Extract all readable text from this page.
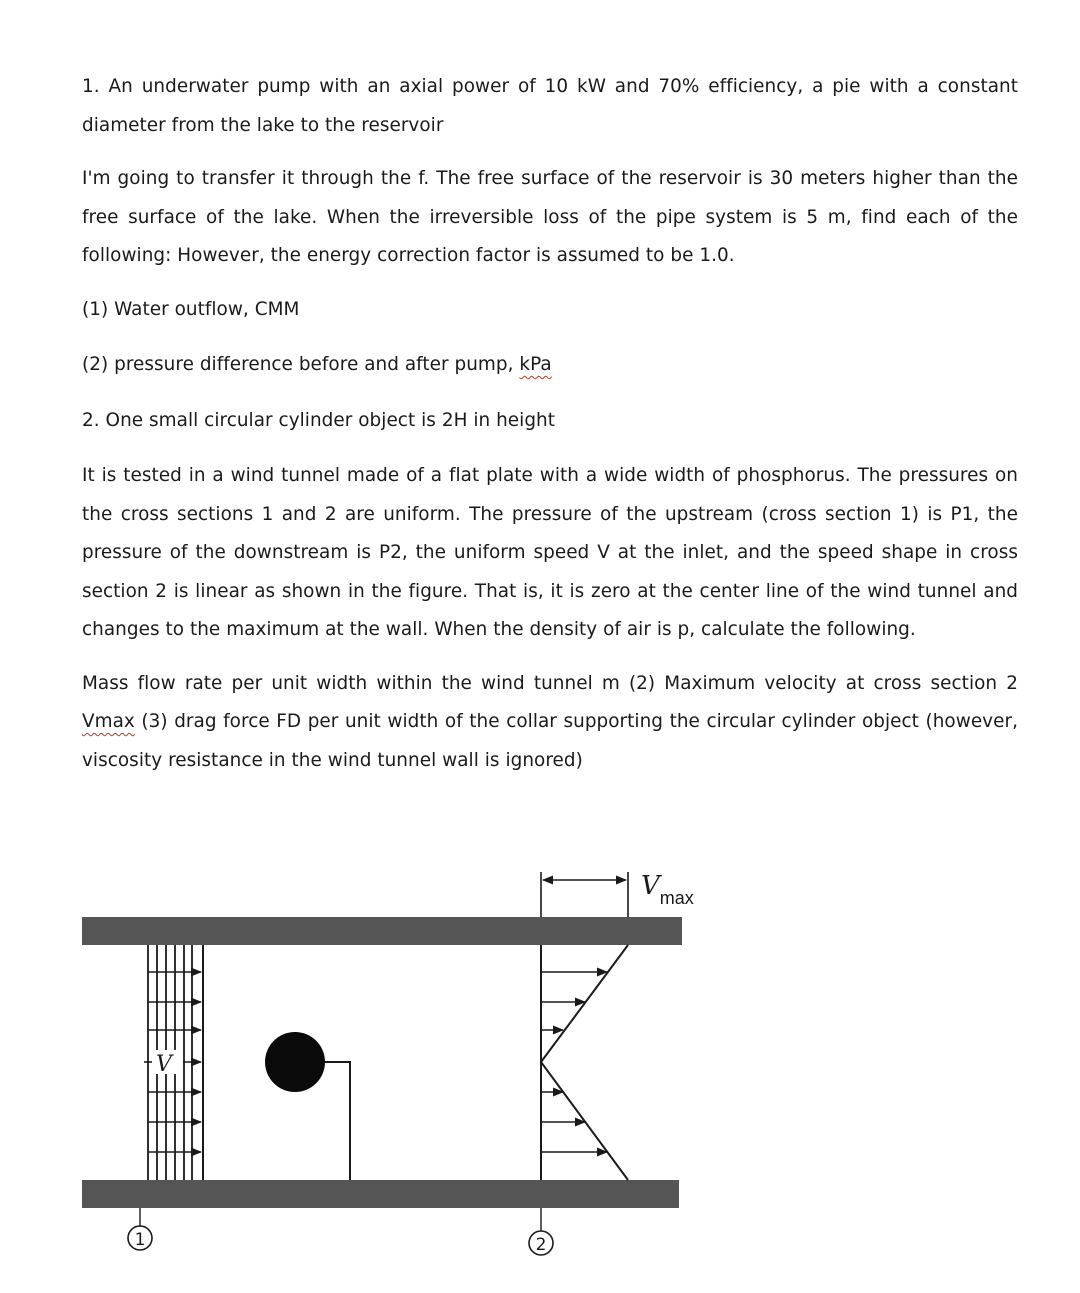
1. An underwater pump with an axial power of 10 kW and 70% efficiency, a pie with a constant diameter from the lake to the reservoir

I'm going to transfer it through the f. The free surface of the reservoir is 30 meters higher than the free surface of the lake. When the irreversible loss of the pipe system is 5 m, find each of the following: However, the energy correction factor is assumed to be 1.0.

(1) Water outflow, CMM

(2) pressure difference before and after pump, kPa

2. One small circular cylinder object is 2H in height

It is tested in a wind tunnel made of a flat plate with a wide width of phosphorus. The pressures on the cross sections 1 and 2 are uniform. The pressure of the upstream (cross section 1) is P1, the pressure of the downstream is P2, the uniform speed V at the inlet, and the speed shape in cross section 2 is linear as shown in the figure. That is, it is zero at the center line of the wind tunnel and changes to the maximum at the wall. When the density of air is p, calculate the following.

Mass flow rate per unit width within the wind tunnel m (2) Maximum velocity at cross section 2 Vmax (3) drag force FD per unit width of the collar supporting the circular cylinder object (however, viscosity resistance in the wind tunnel wall is ignored)

V
Vmax
1	2
